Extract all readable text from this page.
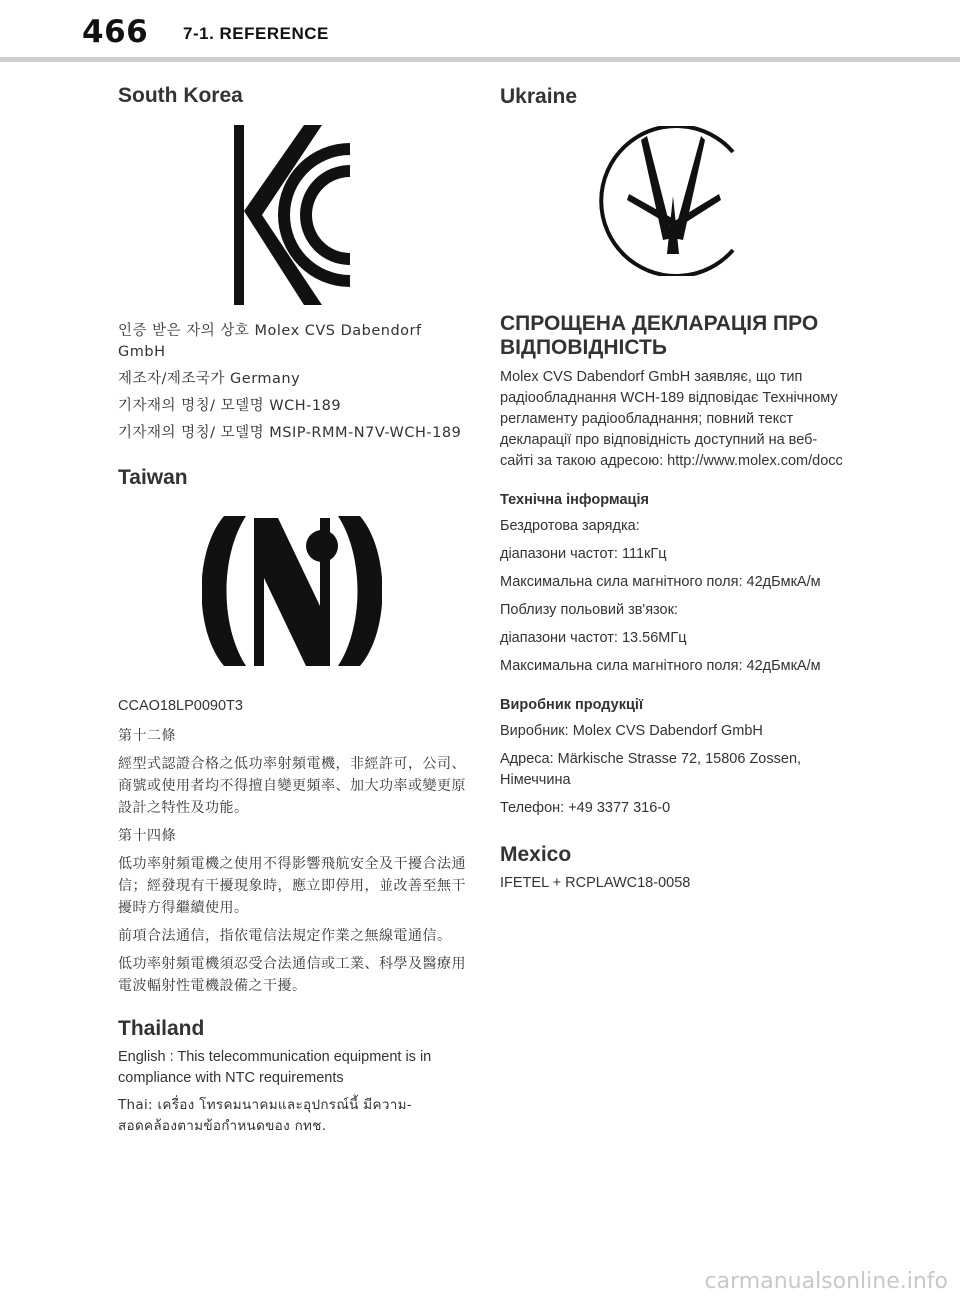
466 7-1. REFERENCE
South Korea

인증 받은 자의 상호 Molex CVS Dabendorf GmbH

제조자/제조국가 Germany

기자재의 명칭/ 모델명 WCH-189

기자재의 명칭/ 모델명 MSIP-RMM-N7V-WCH-189

Taiwan

CCAO18LP0090T3

第十二條

經型式認證合格之低功率射頻電機，非經許可，公司、商號或使用者均不得擅自變更頻率、加大功率或變更原設計之特性及功能。

第十四條

低功率射頻電機之使用不得影響飛航安全及干擾合法通信；經發現有干擾現象時，應立即停用，並改善至無干擾時方得繼續使用。

前項合法通信，指依電信法規定作業之無線電通信。

低功率射頻電機須忍受合法通信或工業、科學及醫療用電波輻射性電機設備之干擾。

Thailand

English : This telecommunication equipment is in compliance with NTC requirements

Thai: เครื่อง โทรคมนาคมและอุปกรณ์นี้ มีความ-สอดคล้องตามข้อกำหนดของ กทช.

Ukraine
СПРОЩЕНА ДЕКЛАРАЦІЯ ПРО ВІДПОВІДНІСТЬ

Molex CVS Dabendorf GmbH заявляє, що тип радіообладнання WCH-189 відповідає Технічному регламенту радіообладнання; повний текст декларації про відповідність доступний на веб-сайті за такою адресою: http://www.molex.com/docc

Технічна інформація

Бездротова зарядка:

діапазони частот: 111кГц

Максимальна сила магнітного поля: 42дБмкА/м

Поблизу польовий зв'язок:

діапазони частот: 13.56МГц

Максимальна сила магнітного поля: 42дБмкА/м

Виробник продукції

Виробник: Molex CVS Dabendorf GmbH

Адреса: Märkische Strasse 72, 15806 Zossen, Німеччина

Телефон: +49 3377 316-0

Mexico

IFETEL + RCPLAWC18-0058

carmanualsonline.info
